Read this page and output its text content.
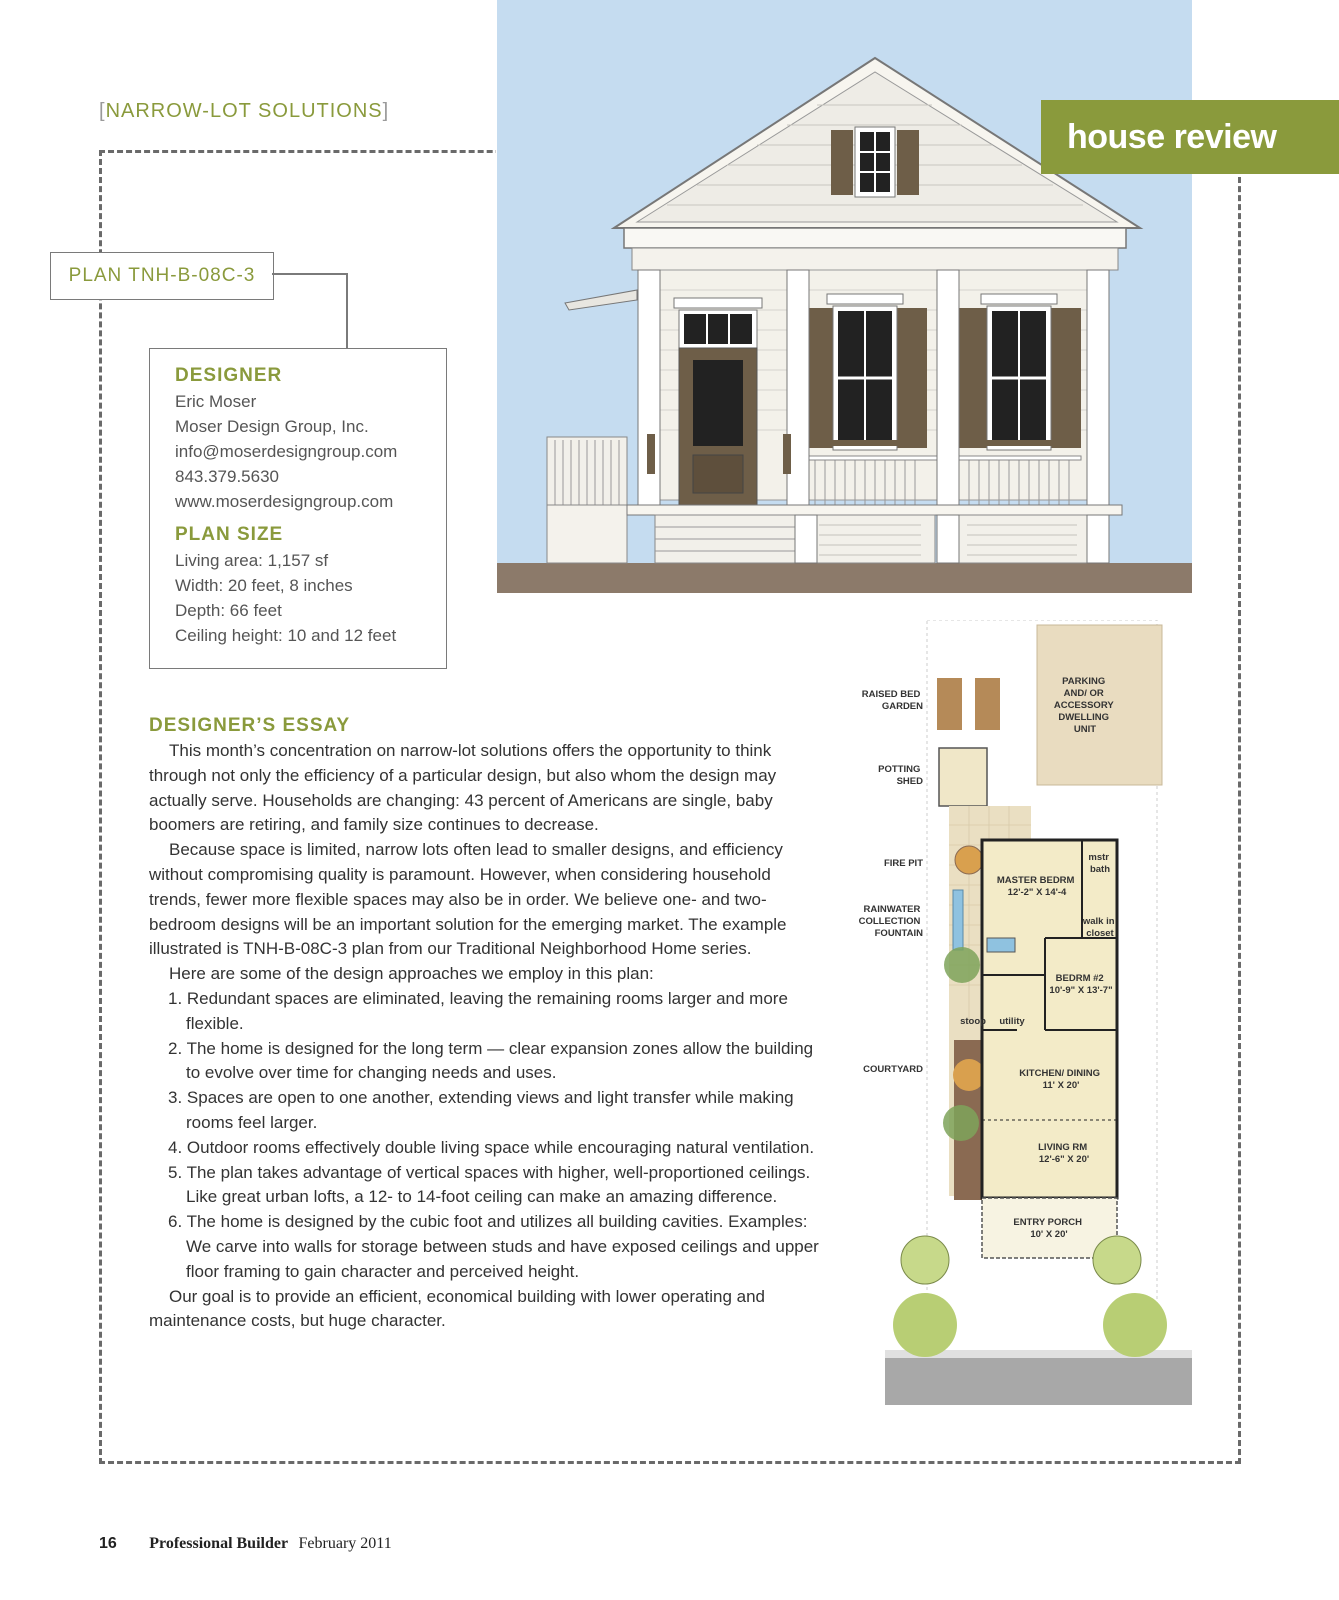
[NARROW-LOT SOLUTIONS]
house review
PLAN TNH-B-08C-3
DESIGNER
Eric Moser
Moser Design Group, Inc.
info@moserdesigngroup.com
843.379.5630
www.moserdesigngroup.com
PLAN SIZE
Living area: 1,157 sf
Width: 20 feet, 8 inches
Depth: 66 feet
Ceiling height: 10 and 12 feet
DESIGNER’S ESSAY

This month’s concentration on narrow-lot solutions offers the opportunity to think through not only the efficiency of a particular design, but also whom the design may actually serve. Households are changing: 43 percent of Americans are single, baby boomers are retiring, and family size continues to decrease.

Because space is limited, narrow lots often lead to smaller designs, and efficiency without compromising quality is paramount. However, when considering household trends, fewer more flexible spaces may also be in order. We believe one- and two-bedroom designs will be an important solution for the emerging market. The example illustrated is TNH-B-08C-3 plan from our Traditional Neighborhood Home series.

Here are some of the design approaches we employ in this plan:

1. Redundant spaces are eliminated, leaving the remaining rooms larger and more flexible.
2. The home is designed for the long term — clear expansion zones allow the building to evolve over time for changing needs and uses.
3. Spaces are open to one another, extending views and light transfer while making rooms feel larger.
4. Outdoor rooms effectively double living space while encouraging natural ventilation.
5. The plan takes advantage of vertical spaces with higher, well-proportioned ceilings. Like great urban lofts, a 12- to 14-foot ceiling can make an amazing difference.
6. The home is designed by the cubic foot and utilizes all building cavities. Examples: We carve into walls for storage between studs and have exposed ceilings and upper floor framing to gain character and perceived height.

Our goal is to provide an efficient, economical building with lower operating and maintenance costs, but huge character.

PARKING AND/ OR ACCESSORY DWELLING UNIT
RAISED BED GARDEN
POTTING SHED
FIRE PIT
RAINWATER COLLECTION FOUNTAIN
COURTYARD
MASTER BEDRM 12'-2" X 14'-4
mstr bath
walk in closet
BEDRM #2 10'-9" X 13'-7"
stoop utility
KITCHEN/ DINING 11' X 20'
LIVING RM 12'-6" X 20'
ENTRY PORCH 10' X 20'
16 Professional Builder February 2011
